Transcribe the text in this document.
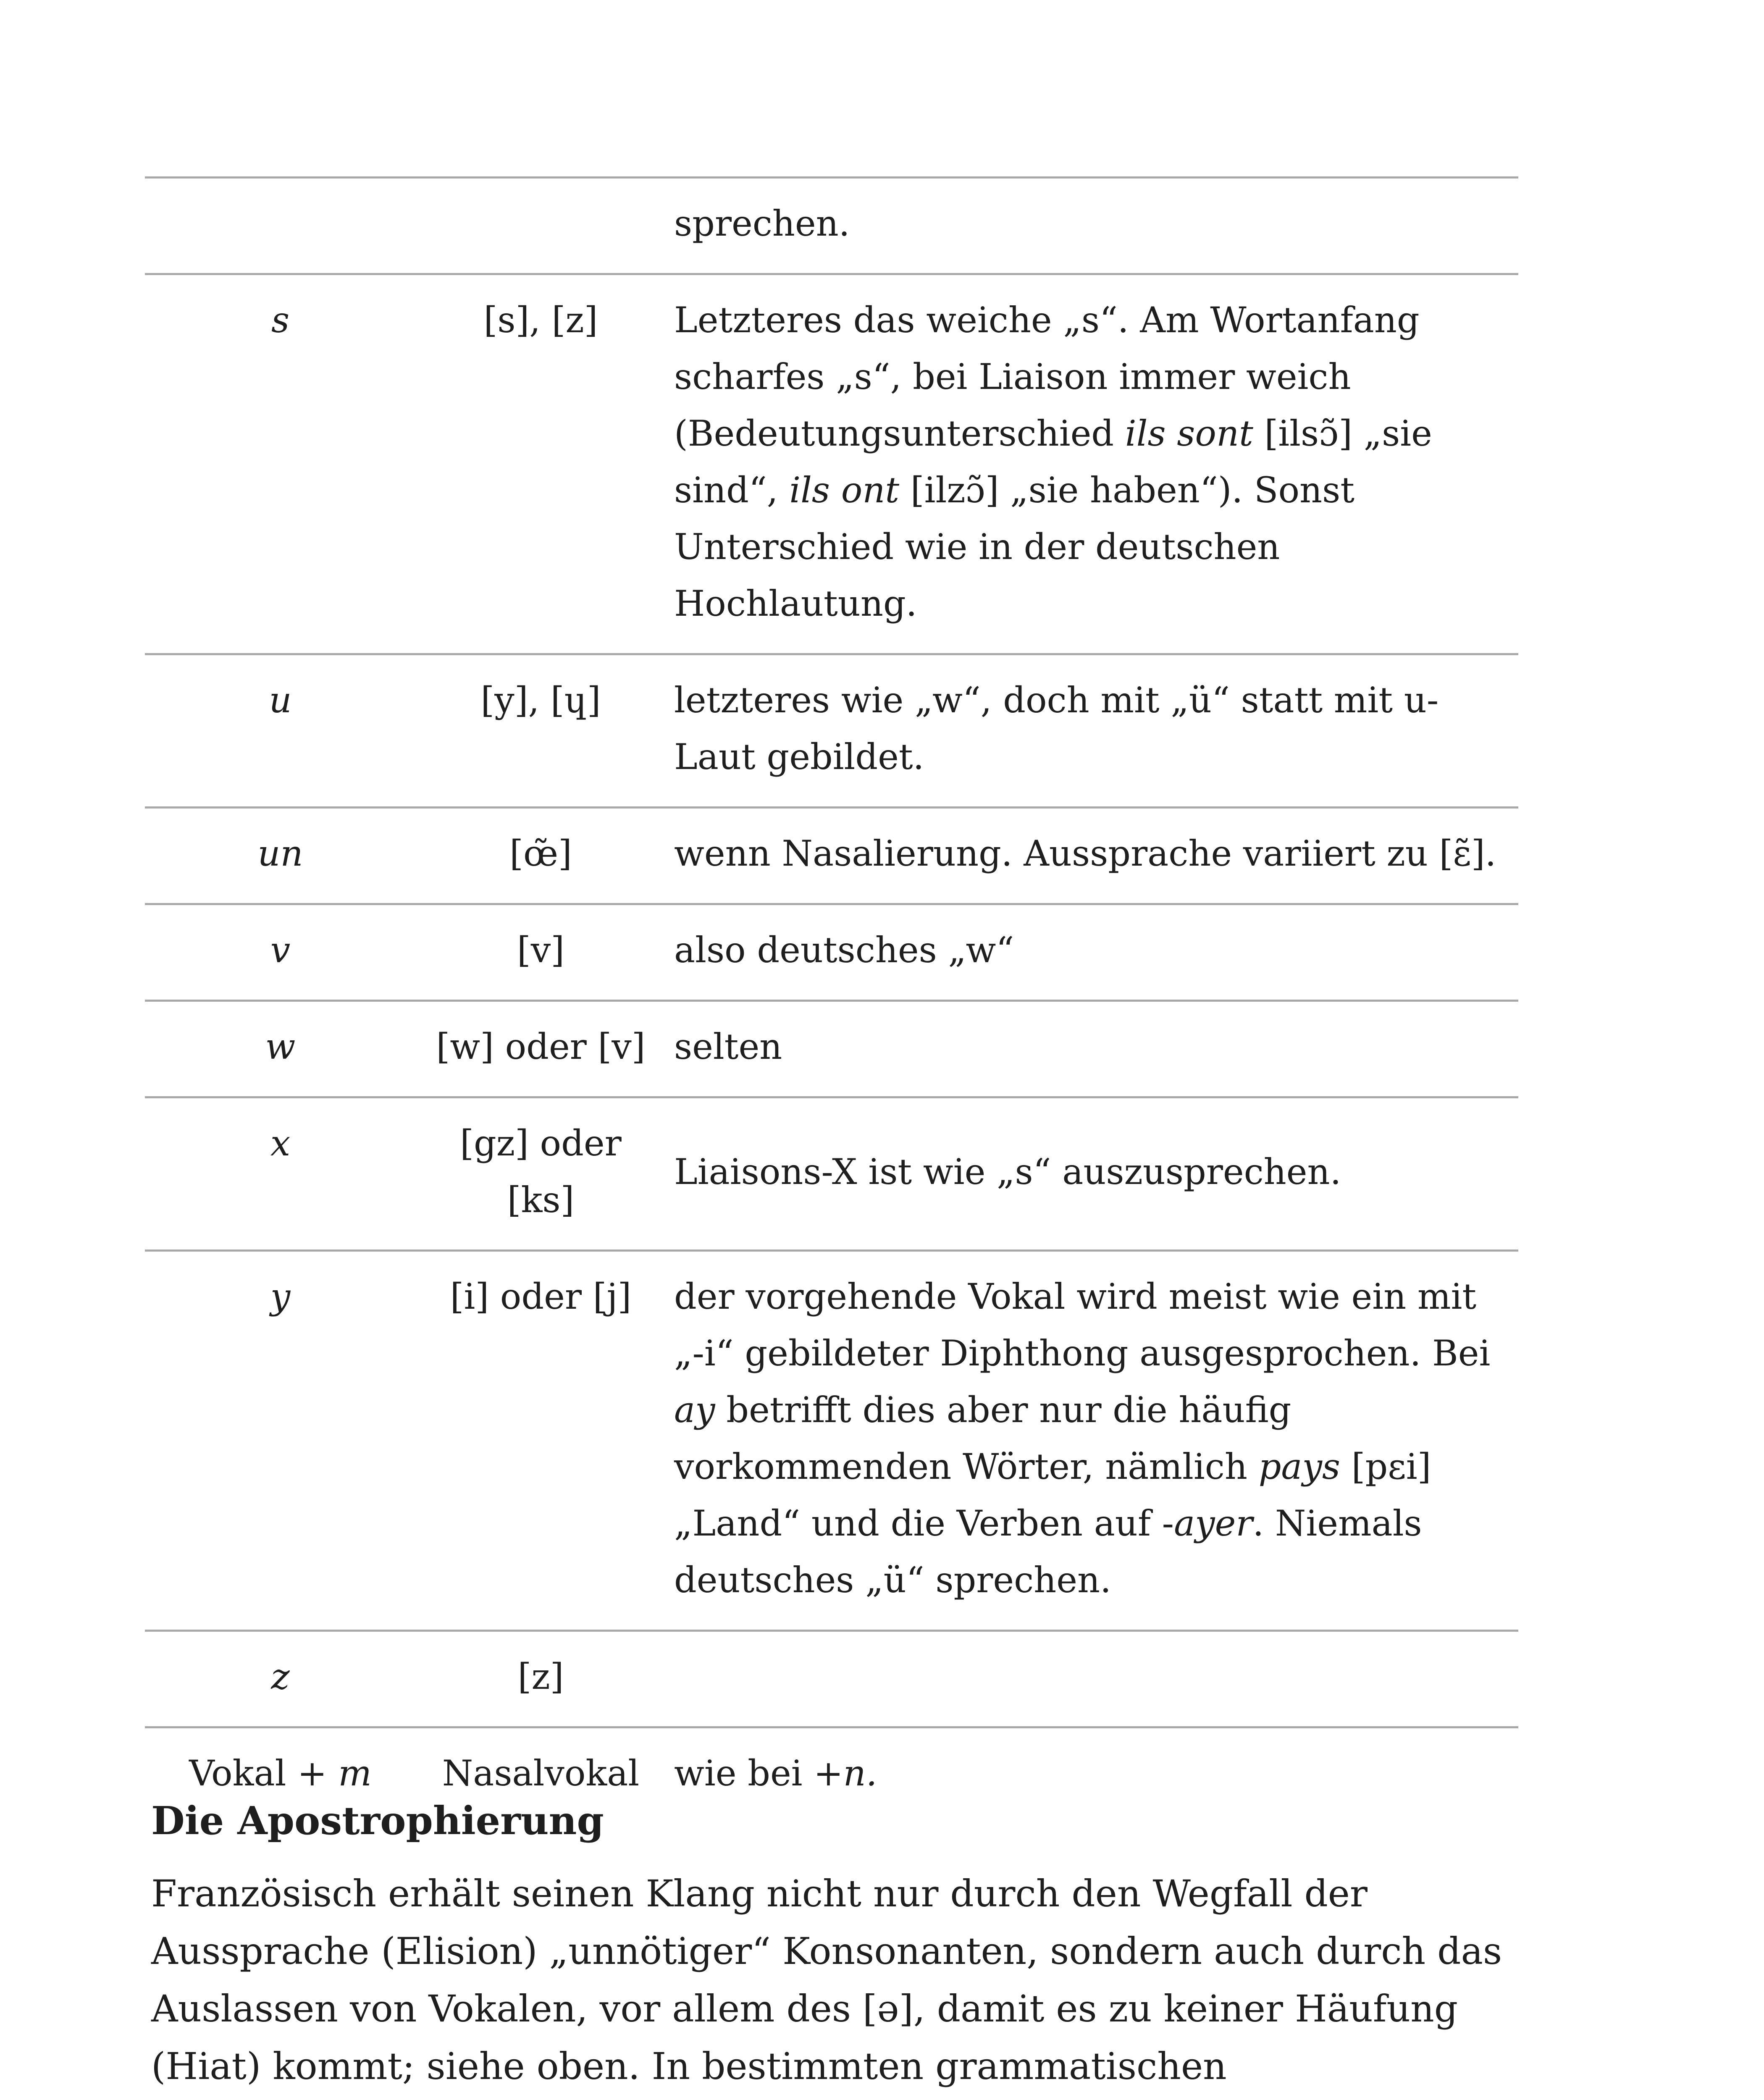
		sprechen.
s	[s], [z]	Letzteres das weiche „s“. Am Wortanfang scharfes „s“, bei Liaison immer weich (Bedeutungsunterschied ils sont [ilsɔ̃] „sie sind“, ils ont [ilzɔ̃] „sie haben“). Sonst Unterschied wie in der deutschen Hochlautung.
u	[y], [ɥ]	letzteres wie „w“, doch mit „ü“ statt mit u-Laut gebildet.
un	[œ̃]	wenn Nasalierung. Aussprache variiert zu [ɛ̃].
v	[v]	also deutsches „w“
w	[w] oder [v]	selten
x	[gz] oder [ks]	Liaisons-X ist wie „s“ auszusprechen.
y	[i] oder [j]	der vorgehende Vokal wird meist wie ein mit „-i“ gebildeter Diphthong ausgesprochen. Bei ay betrifft dies aber nur die häufig vorkommenden Wörter, nämlich pays [pɛi] „Land“ und die Verben auf -ayer. Niemals deutsches „ü“ sprechen.
z	[z]	
Vokal + m	Nasalvokal	wie bei +n.
Die Apostrophierung

Französisch erhält seinen Klang nicht nur durch den Wegfall der Aussprache (Elision) „unnötiger“ Konsonanten, sondern auch durch das Auslassen von Vokalen, vor allem des [ə], damit es zu keiner Häufung (Hiat) kommt; siehe oben. In bestimmten grammatischen
